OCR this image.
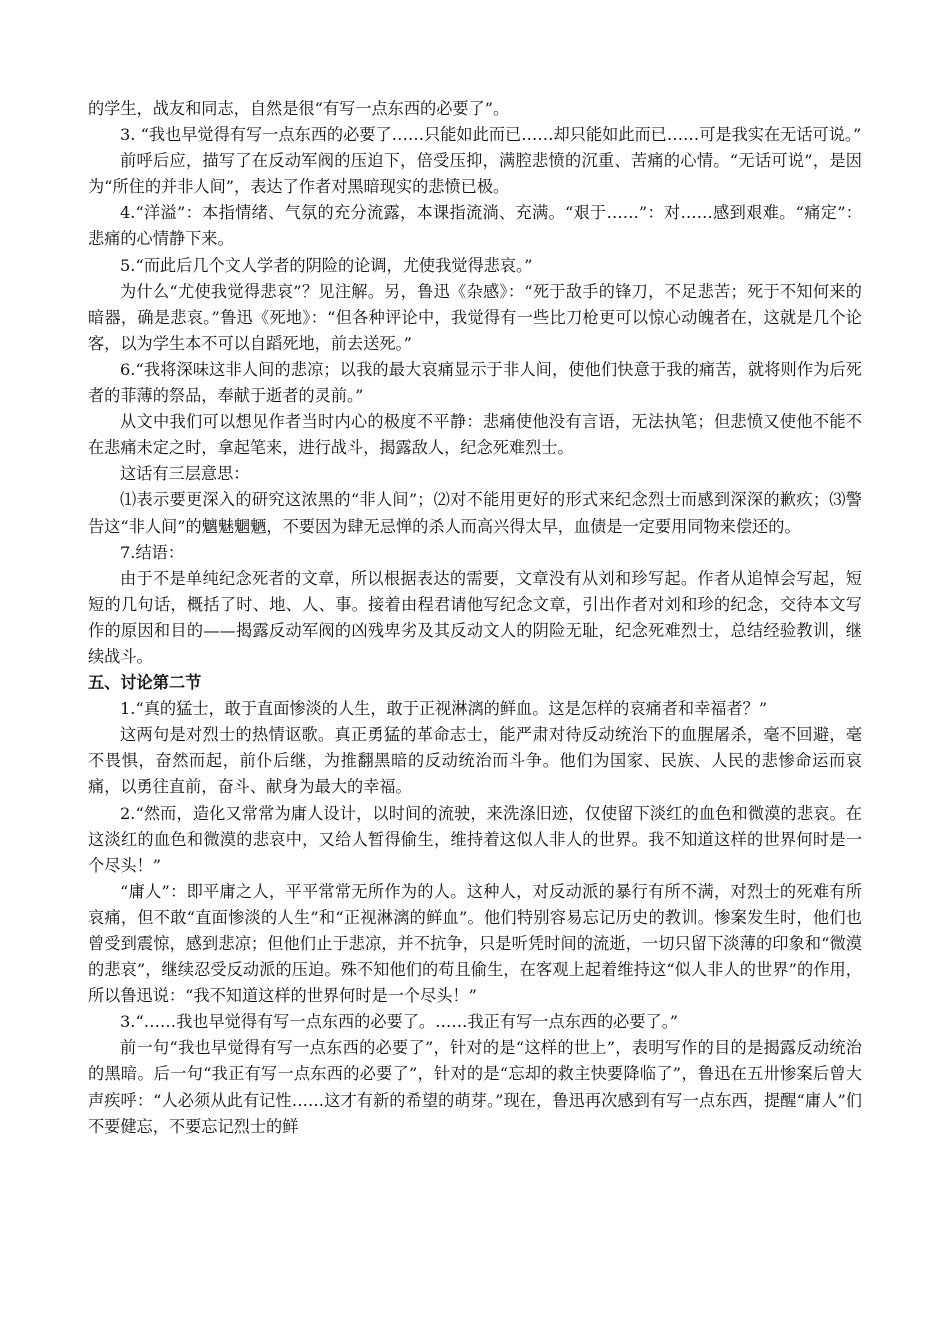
的学生，战友和同志，自然是很“有写一点东西的必要了”。

3. “我也早觉得有写一点东西的必要了……只能如此而已……却只能如此而已……可是我实在无话可说。”

前呼后应，描写了在反动军阀的压迫下，倍受压抑，满腔悲愤的沉重、苦痛的心情。“无话可说”，是因为“所住的并非人间”，表达了作者对黑暗现实的悲愤已极。

4.“洋溢”：本指情绪、气氛的充分流露，本课指流淌、充满。“艰于……”：对……感到艰难。“痛定”：悲痛的心情静下来。

5.“而此后几个文人学者的阴险的论调，尤使我觉得悲哀。”

为什么“尤使我觉得悲哀”？见注解。另，鲁迅《杂感》：“死于敌手的锋刀，不足悲苦；死于不知何来的暗器，确是悲哀。”鲁迅《死地》：“但各种评论中，我觉得有一些比刀枪更可以惊心动魄者在，这就是几个论客，以为学生本不可以自蹈死地，前去送死。”

6.“我将深味这非人间的悲凉；以我的最大哀痛显示于非人间，使他们快意于我的痛苦，就将则作为后死者的菲薄的祭品，奉献于逝者的灵前。”

从文中我们可以想见作者当时内心的极度不平静：悲痛使他没有言语，无法执笔；但悲愤又使他不能不在悲痛未定之时，拿起笔来，进行战斗，揭露敌人，纪念死难烈士。

这话有三层意思：

⑴表示要更深入的研究这浓黑的“非人间”；⑵对不能用更好的形式来纪念烈士而感到深深的歉疚；⑶警告这“非人间”的魑魅魍魉，不要因为肆无忌惮的杀人而高兴得太早，血债是一定要用同物来偿还的。

7.结语：

由于不是单纯纪念死者的文章，所以根据表达的需要，文章没有从刘和珍写起。作者从追悼会写起，短短的几句话，概括了时、地、人、事。接着由程君请他写纪念文章，引出作者对刘和珍的纪念，交待本文写作的原因和目的——揭露反动军阀的凶残卑劣及其反动文人的阴险无耻，纪念死难烈士，总结经验教训，继续战斗。

五、讨论第二节

1.“真的猛士，敢于直面惨淡的人生，敢于正视淋漓的鲜血。这是怎样的哀痛者和幸福者？”

这两句是对烈士的热情讴歌。真正勇猛的革命志士，能严肃对待反动统治下的血腥屠杀，毫不回避，毫不畏惧，奋然而起，前仆后继，为推翻黑暗的反动统治而斗争。他们为国家、民族、人民的悲惨命运而哀痛，以勇往直前，奋斗、献身为最大的幸福。

2.“然而，造化又常常为庸人设计，以时间的流驶，来洗涤旧迹，仅使留下淡红的血色和微漠的悲哀。在这淡红的血色和微漠的悲哀中，又给人暂得偷生，维持着这似人非人的世界。我不知道这样的世界何时是一个尽头！”

“庸人”：即平庸之人，平平常常无所作为的人。这种人，对反动派的暴行有所不满，对烈士的死难有所哀痛，但不敢“直面惨淡的人生”和“正视淋漓的鲜血”。他们特别容易忘记历史的教训。惨案发生时，他们也曾受到震惊，感到悲凉；但他们止于悲凉，并不抗争，只是听凭时间的流逝，一切只留下淡薄的印象和“微漠的悲哀”，继续忍受反动派的压迫。殊不知他们的苟且偷生，在客观上起着维持这“似人非人的世界”的作用，所以鲁迅说：“我不知道这样的世界何时是一个尽头！”

3.“……我也早觉得有写一点东西的必要了。……我正有写一点东西的必要了。”

前一句“我也早觉得有写一点东西的必要了”，针对的是“这样的世上”，表明写作的目的是揭露反动统治的黑暗。后一句“我正有写一点东西的必要了”，针对的是“忘却的救主快要降临了”，鲁迅在五卅惨案后曾大声疾呼：“人必须从此有记性……这才有新的希望的萌芽。”现在，鲁迅再次感到有写一点东西，提醒“庸人”们不要健忘，不要忘记烈士的鲜
